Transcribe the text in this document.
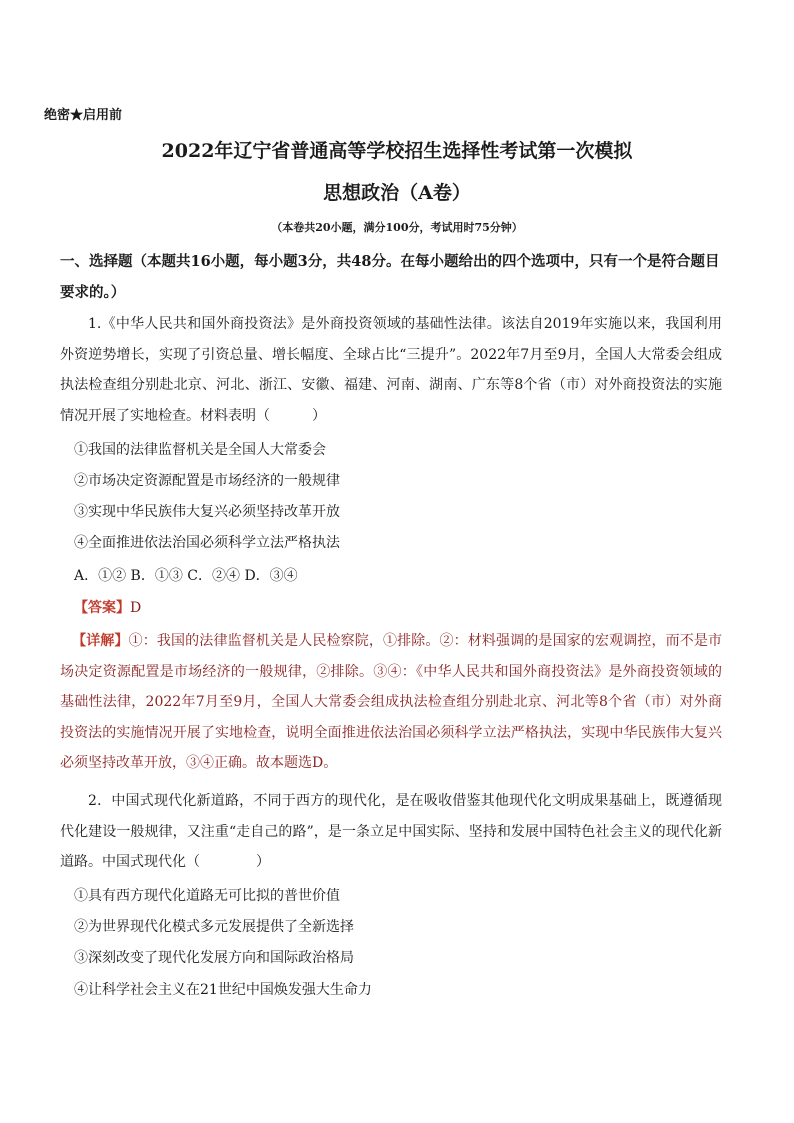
绝密★启用前
2022年辽宁省普通高等学校招生选择性考试第一次模拟
思想政治（A卷）
（本卷共20小题，满分100分，考试用时75分钟）
一、选择题（本题共16小题，每小题3分，共48分。在每小题给出的四个选项中，只有一个是符合题目要求的。）
1.《中华人民共和国外商投资法》是外商投资领域的基础性法律。该法自2019年实施以来，我国利用外资逆势增长，实现了引资总量、增长幅度、全球占比“三提升”。2022年7月至9月，全国人大常委会组成执法检查组分别赴北京、河北、浙江、安徽、福建、河南、湖南、广东等8个省（市）对外商投资法的实施情况开展了实地检查。材料表明（　　　）
①我国的法律监督机关是全国人大常委会
②市场决定资源配置是市场经济的一般规律
③实现中华民族伟大复兴必须坚持改革开放
④全面推进依法治国必须科学立法严格执法
A．①② B．①③ C．②④ D．③④
【答案】D
【详解】①：我国的法律监督机关是人民检察院，①排除。②：材料强调的是国家的宏观调控，而不是市场决定资源配置是市场经济的一般规律，②排除。③④：《中华人民共和国外商投资法》是外商投资领域的基础性法律，2022年7月至9月，全国人大常委会组成执法检查组分别赴北京、河北等8个省（市）对外商投资法的实施情况开展了实地检查，说明全面推进依法治国必须科学立法严格执法，实现中华民族伟大复兴必须坚持改革开放，③④正确。故本题选D。
2．中国式现代化新道路，不同于西方的现代化，是在吸收借鉴其他现代化文明成果基础上，既遵循现代化建设一般规律，又注重“走自己的路”，是一条立足中国实际、坚持和发展中国特色社会主义的现代化新道路。中国式现代化（　　　　）
①具有西方现代化道路无可比拟的普世价值
②为世界现代化模式多元发展提供了全新选择
③深刻改变了现代化发展方向和国际政治格局
④让科学社会主义在21世纪中国焕发强大生命力
